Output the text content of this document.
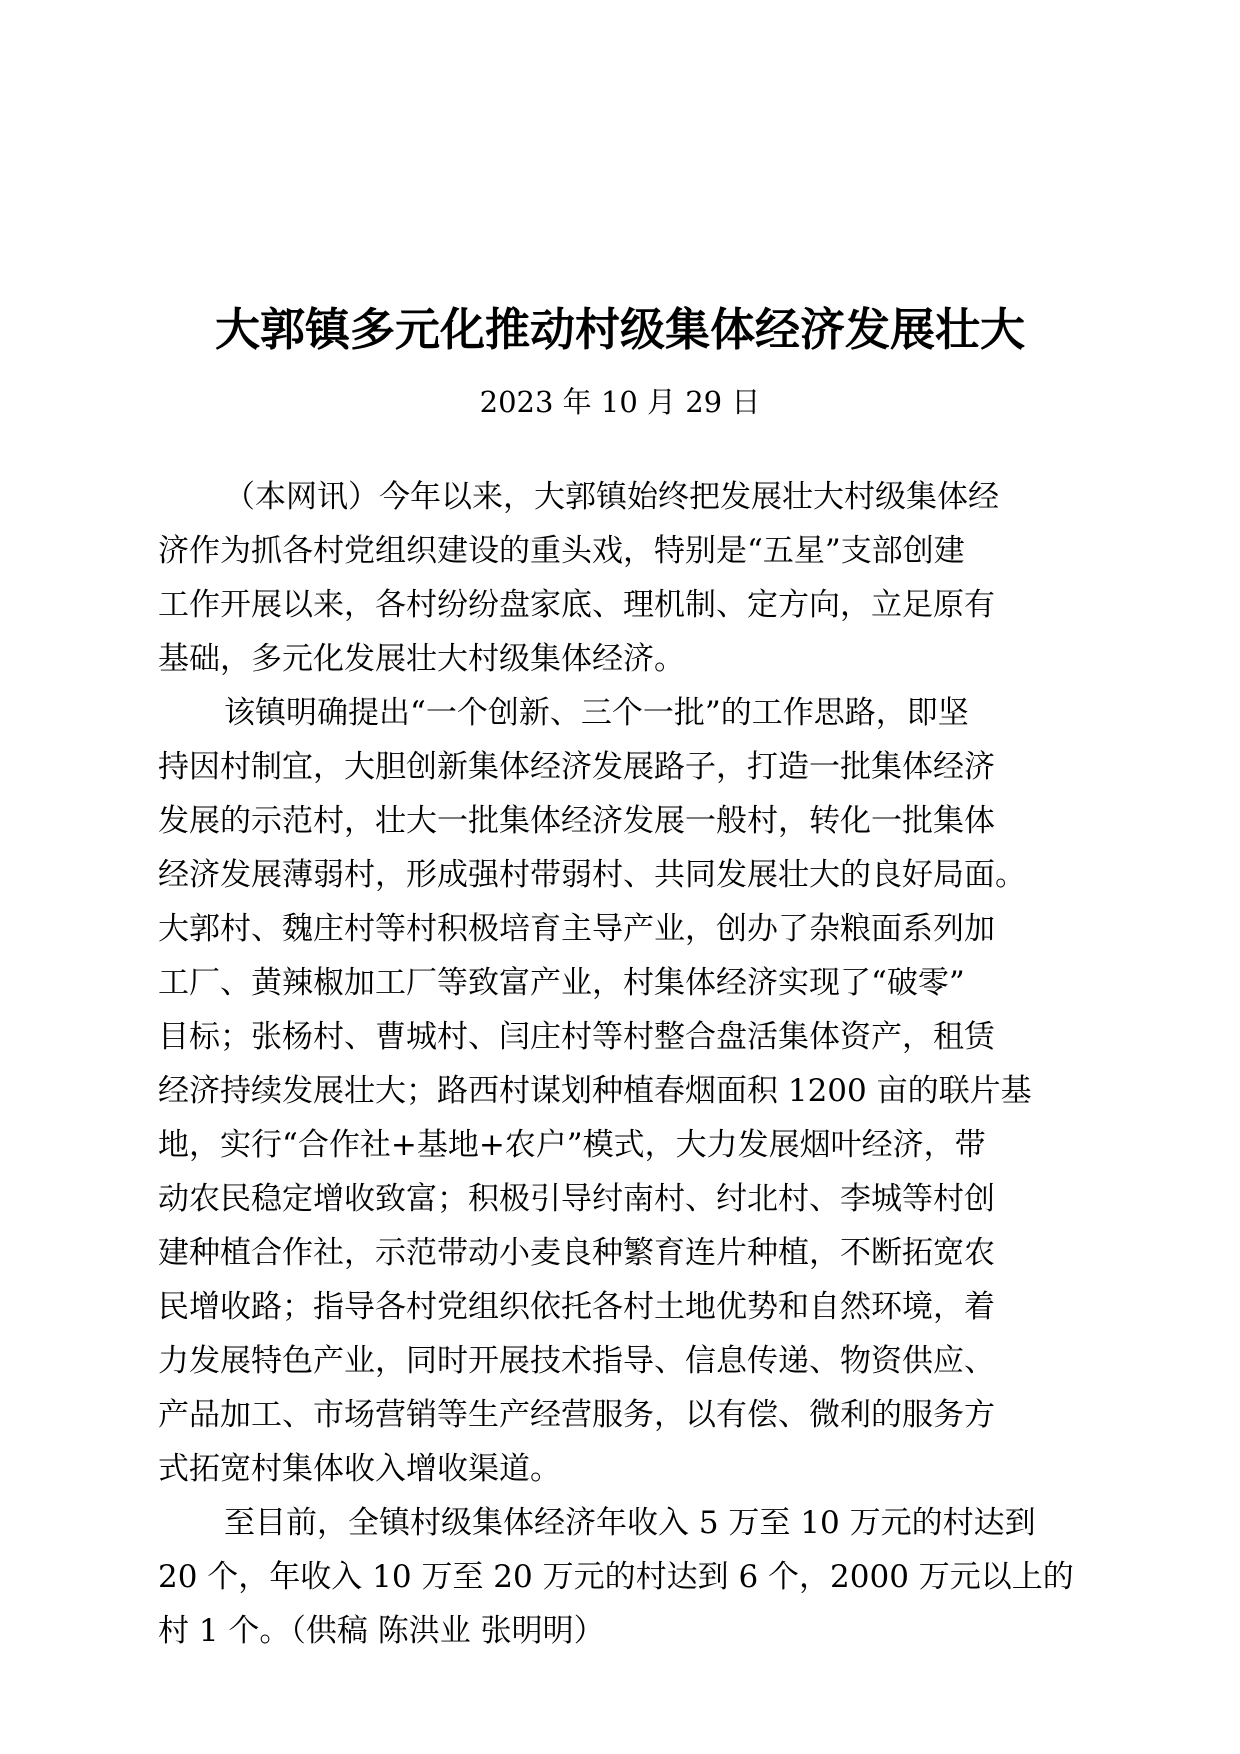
大郭镇多元化推动村级集体经济发展壮大
2023 年 10 月 29 日
（本网讯）今年以来，大郭镇始终把发展壮大村级集体经
济作为抓各村党组织建设的重头戏，特别是“五星”支部创建
工作开展以来，各村纷纷盘家底、理机制、定方向，立足原有
基础，多元化发展壮大村级集体经济。
该镇明确提出“一个创新、三个一批”的工作思路，即坚
持因村制宜，大胆创新集体经济发展路子，打造一批集体经济
发展的示范村，壮大一批集体经济发展一般村，转化一批集体
经济发展薄弱村，形成强村带弱村、共同发展壮大的良好局面。
大郭村、魏庄村等村积极培育主导产业，创办了杂粮面系列加
工厂、黄辣椒加工厂等致富产业，村集体经济实现了“破零”
目标；张杨村、曹城村、闫庄村等村整合盘活集体资产，租赁
经济持续发展壮大；路西村谋划种植春烟面积 1200 亩的联片基
地，实行“合作社+基地+农户”模式，大力发展烟叶经济，带
动农民稳定增收致富；积极引导纣南村、纣北村、李城等村创
建种植合作社，示范带动小麦良种繁育连片种植，不断拓宽农
民增收路；指导各村党组织依托各村土地优势和自然环境，着
力发展特色产业，同时开展技术指导、信息传递、物资供应、
产品加工、市场营销等生产经营服务，以有偿、微利的服务方
式拓宽村集体收入增收渠道。
至目前，全镇村级集体经济年收入 5 万至 10 万元的村达到
20 个，年收入 10 万至 20 万元的村达到 6 个，2000 万元以上的
村 1 个。（供稿 陈洪业 张明明）
